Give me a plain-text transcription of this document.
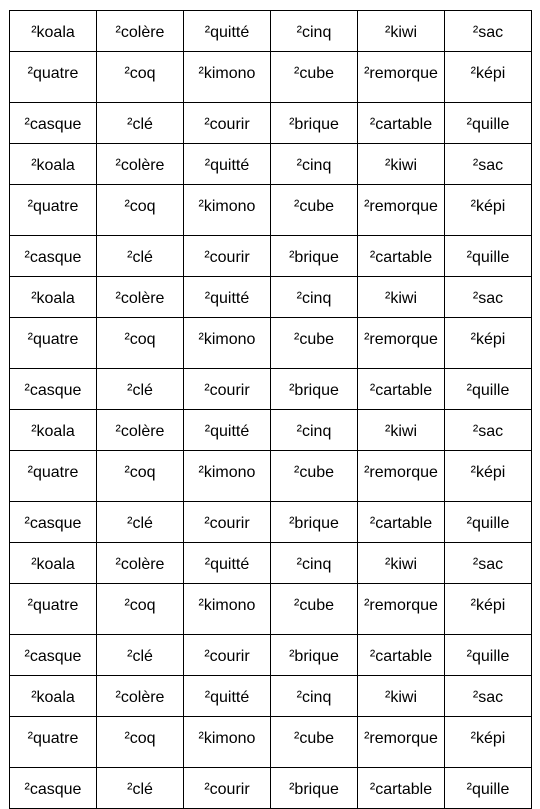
²koala	²colère	²quitté	²cinq	²kiwi	²sac

²quatre	²coq	²kimono	²cube	²remorque	²képi

²casque	²clé	²courir	²brique	²cartable	²quille

²koala	²colère	²quitté	²cinq	²kiwi	²sac

²quatre	²coq	²kimono	²cube	²remorque	²képi

²casque	²clé	²courir	²brique	²cartable	²quille

²koala	²colère	²quitté	²cinq	²kiwi	²sac

²quatre	²coq	²kimono	²cube	²remorque	²képi

²casque	²clé	²courir	²brique	²cartable	²quille

²koala	²colère	²quitté	²cinq	²kiwi	²sac

²quatre	²coq	²kimono	²cube	²remorque	²képi

²casque	²clé	²courir	²brique	²cartable	²quille

²koala	²colère	²quitté	²cinq	²kiwi	²sac

²quatre	²coq	²kimono	²cube	²remorque	²képi

²casque	²clé	²courir	²brique	²cartable	²quille

²koala	²colère	²quitté	²cinq	²kiwi	²sac

²quatre	²coq	²kimono	²cube	²remorque	²képi

²casque	²clé	²courir	²brique	²cartable	²quille
